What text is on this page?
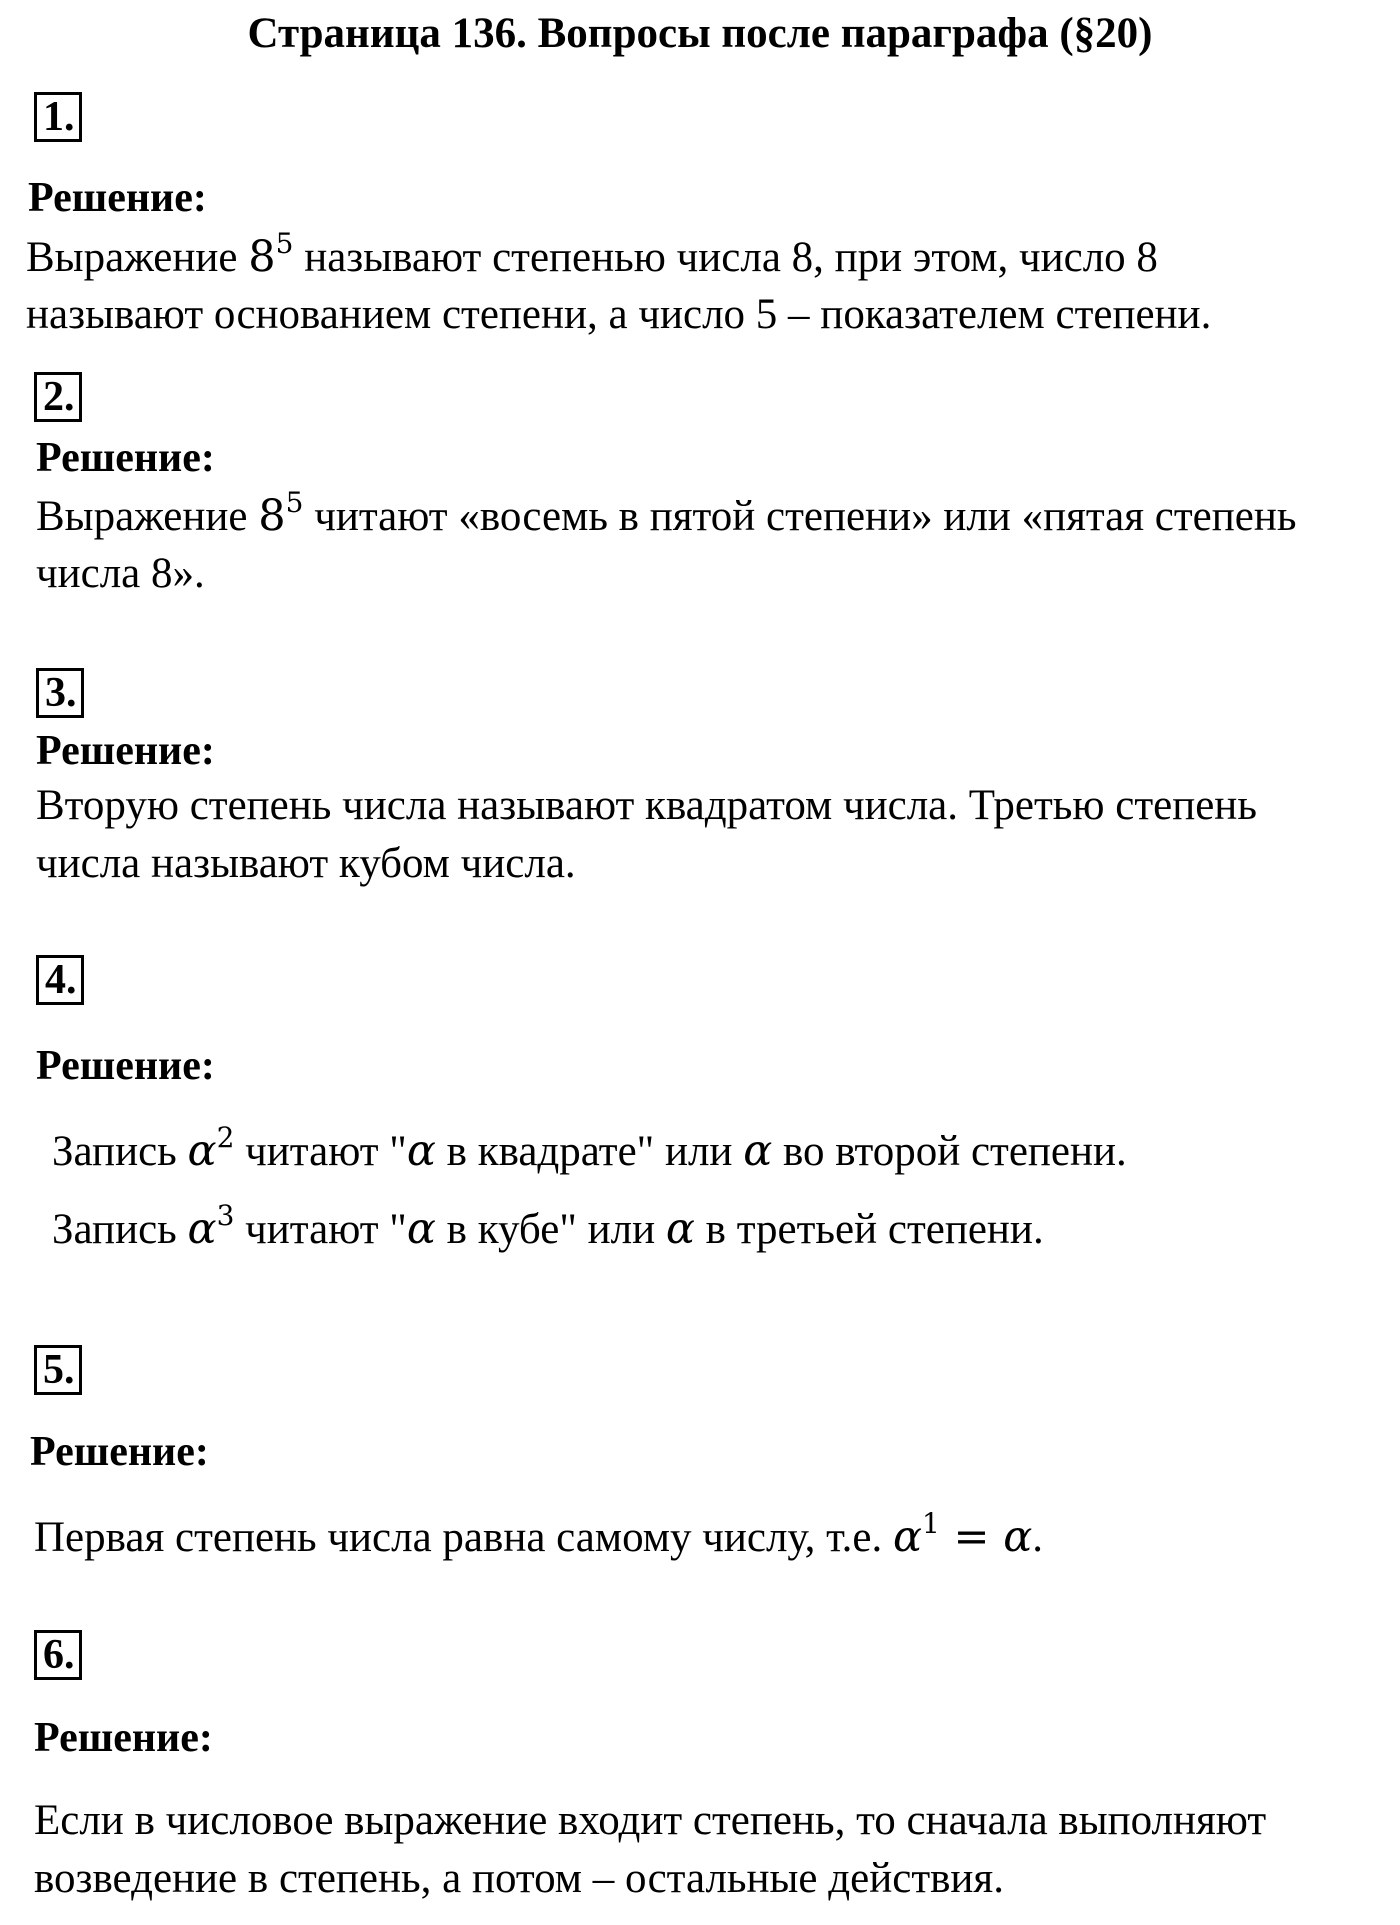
Страница 136. Вопросы после параграфа (§20)
1.
Решение:
Выражение $8^5$ называют степенью числа 8, при этом, число 8
называют основанием степени, а число 5 – показателем степени.
2.
Решение:
Выражение $8^5$ читают «восемь в пятой степени» или «пятая степень
числа 8».
3.
Решение:
Вторую степень числа называют квадратом числа. Третью степень
числа называют кубом числа.
4.
Решение:
Запись $\alpha^2$ читают "α в квадрате" или α во второй степени.
Запись $\alpha^3$ читают "α в кубе" или α в третьей степени.
5.
Решение:
Первая степень числа равна самому числу, т.е. $\alpha^1 = \alpha$.
6.
Решение:
Если в числовое выражение входит степень, то сначала выполняют
возведение в степень, а потом – остальные действия.
